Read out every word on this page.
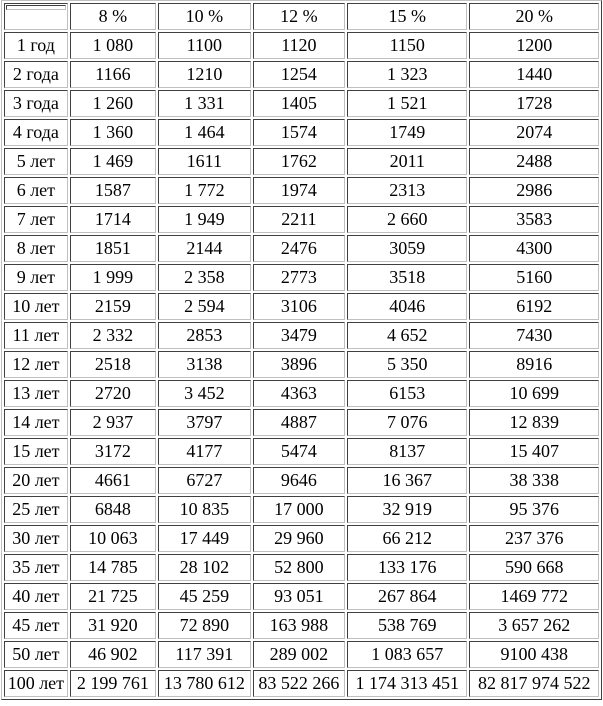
	8 %	10 %	12 %	15 %	20 %
1 год	1 080	1100	1120	1150	1200
2 года	1166	1210	1254	1 323	1440
3 года	1 260	1 331	1405	1 521	1728
4 года	1 360	1 464	1574	1749	2074
5 лет	1 469	1611	1762	2011	2488
6 лет	1587	1 772	1974	2313	2986
7 лет	1714	1 949	2211	2 660	3583
8 лет	1851	2144	2476	3059	4300
9 лет	1 999	2 358	2773	3518	5160
10 лет	2159	2 594	3106	4046	6192
11 лет	2 332	2853	3479	4 652	7430
12 лет	2518	3138	3896	5 350	8916
13 лет	2720	3 452	4363	6153	10 699
14 лет	2 937	3797	4887	7 076	12 839
15 лет	3172	4177	5474	8137	15 407
20 лет	4661	6727	9646	16 367	38 338
25 лет	6848	10 835	17 000	32 919	95 376
30 лет	10 063	17 449	29 960	66 212	237 376
35 лет	14 785	28 102	52 800	133 176	590 668
40 лет	21 725	45 259	93 051	267 864	1469 772
45 лет	31 920	72 890	163 988	538 769	3 657 262
50 лет	46 902	117 391	289 002	1 083 657	9100 438
100 лет	2 199 761	13 780 612	83 522 266	1 174 313 451	82 817 974 522
